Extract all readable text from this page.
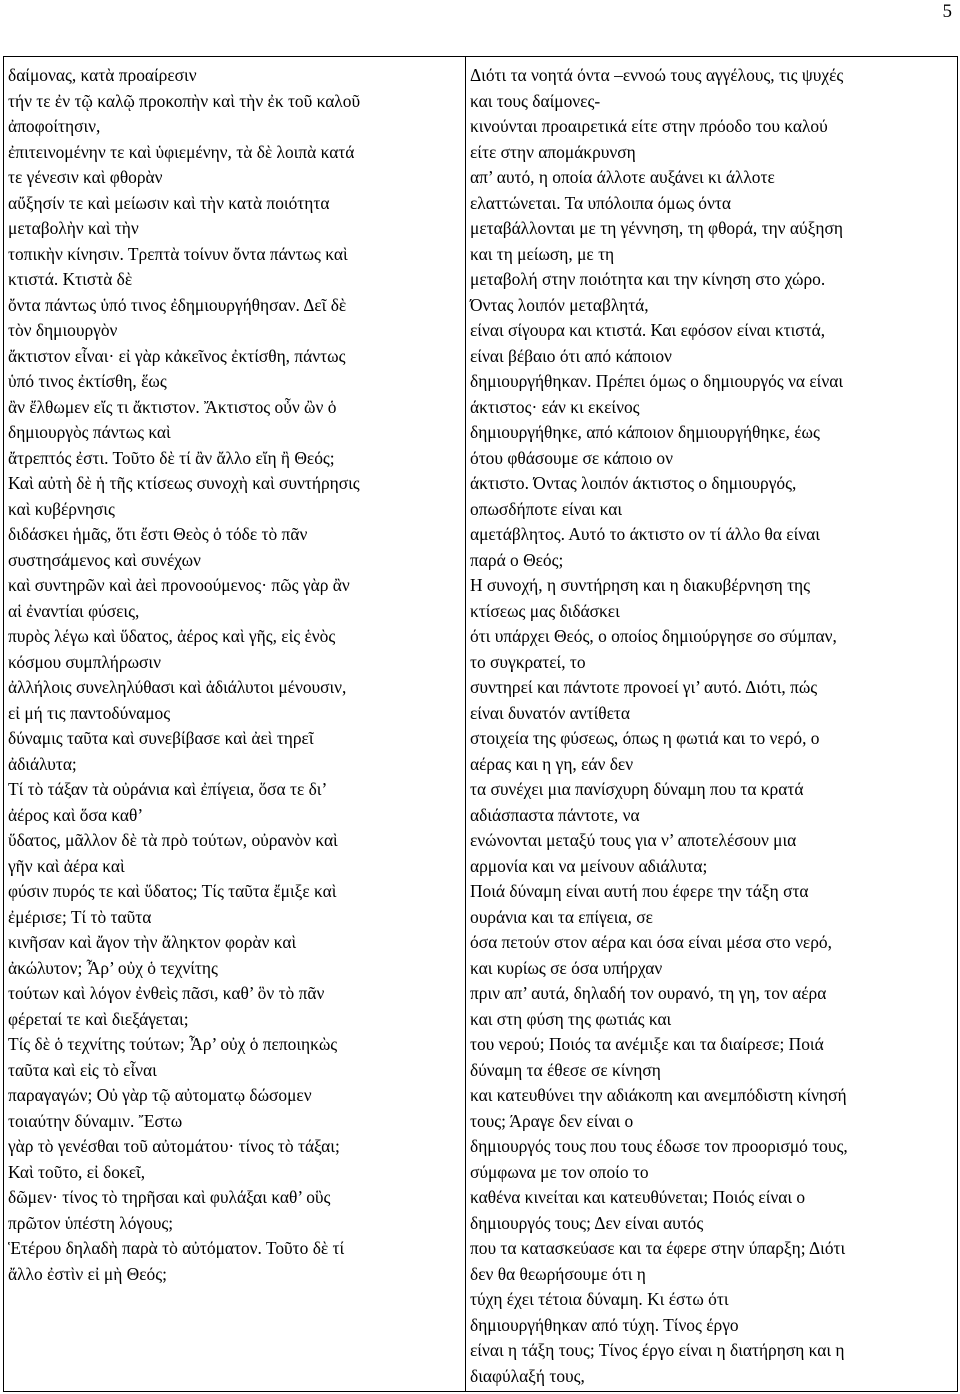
5
δαίμονας, κατὰ προαίρεσιν
τήν τε ἐν τῷ καλῷ προκοπὴν καὶ τὴν ἐκ τοῦ καλοῦ
ἀποφοίτησιν,
ἐπιτεινομένην τε καὶ ὑφιεμένην, τὰ δὲ λοιπὰ κατά
τε γένεσιν καὶ φθορὰν
αὔξησίν τε καὶ μείωσιν καὶ τὴν κατὰ ποιότητα
μεταβολὴν καὶ τὴν
τοπικὴν κίνησιν. Τρεπτὰ τοίνυν ὄντα πάντως καὶ
κτιστά. Κτιστὰ δὲ
ὄντα πάντως ὑπό τινος ἐδημιουργήθησαν. Δεῖ δὲ
τὸν δημιουργὸν
ἄκτιστον εἶναι· εἰ γὰρ κἀκεῖνος ἐκτίσθη, πάντως
ὑπό τινος ἐκτίσθη, ἕως
ἂν ἔλθωμεν εἴς τι ἄκτιστον. Ἄκτιστος οὖν ὢν ὁ
δημιουργὸς πάντως καὶ
ἄτρεπτός ἐστι. Τοῦτο δὲ τί ἂν ἄλλο εἴη ἢ Θεός;
Καὶ αὐτὴ δὲ ἡ τῆς κτίσεως συνοχὴ καὶ συντήρησις
καὶ κυβέρνησις
διδάσκει ἡμᾶς, ὅτι ἔστι Θεὸς ὁ τόδε τὸ πᾶν
συστησάμενος καὶ συνέχων
καὶ συντηρῶν καὶ ἀεὶ προνοούμενος· πῶς γὰρ ἂν
αἱ ἐναντίαι φύσεις,
πυρὸς λέγω καὶ ὕδατος, ἀέρος καὶ γῆς, εἰς ἑνὸς
κόσμου συμπλήρωσιν
ἀλλήλοις συνεληλύθασι καὶ ἀδιάλυτοι μένουσιν,
εἰ μή τις παντοδύναμος
δύναμις ταῦτα καὶ συνεβίβασε καὶ ἀεὶ τηρεῖ
ἀδιάλυτα;
Τί τὸ τάξαν τὰ οὐράνια καὶ ἐπίγεια, ὅσα τε δι’
ἀέρος καὶ ὅσα καθ’
ὕδατος, μᾶλλον δὲ τὰ πρὸ τούτων, οὐρανὸν καὶ
γῆν καὶ ἀέρα καὶ
φύσιν πυρός τε καὶ ὕδατος; Τίς ταῦτα ἔμιξε καὶ
ἐμέρισε; Τί τὸ ταῦτα
κινῆσαν καὶ ἄγον τὴν ἄληκτον φορὰν καὶ
ἀκώλυτον; Ἆρ’ οὐχ ὁ τεχνίτης
τούτων καὶ λόγον ἐνθεὶς πᾶσι, καθ’ ὃν τὸ πᾶν
φέρεταί τε καὶ διεξάγεται;
Τίς δὲ ὁ τεχνίτης τούτων; Ἆρ’ οὐχ ὁ πεποιηκὼς
ταῦτα καὶ εἰς τὸ εἶναι
παραγαγών; Οὐ γὰρ τῷ αὐτοματῳ δώσομεν
τοιαύτην δύναμιν. Ἔστω
γὰρ τὸ γενέσθαι τοῦ αὐτομάτου· τίνος τὸ τάξαι;
Καὶ τοῦτο, εἰ δοκεῖ,
δῶμεν· τίνος τὸ τηρῆσαι καὶ φυλάξαι καθ’ οὓς
πρῶτον ὑπέστη λόγους;
Ἑτέρου δηλαδὴ παρὰ τὸ αὐτόματον. Τοῦτο δὲ τί
ἄλλο ἐστὶν εἰ μὴ Θεός;
Διότι τα νοητά όντα –εννοώ τους αγγέλους, τις ψυχές
και τους δαίμονες-
κινούνται προαιρετικά είτε στην πρόοδο του καλού
είτε στην απομάκρυνση
απ’ αυτό, η οποία άλλοτε αυξάνει κι άλλοτε
ελαττώνεται. Τα υπόλοιπα όμως όντα
μεταβάλλονται με τη γέννηση, τη φθορά, την αύξηση
και τη μείωση, με τη
μεταβολή στην ποιότητα και την κίνηση στο χώρο.
Όντας λοιπόν μεταβλητά,
είναι σίγουρα και κτιστά. Και εφόσον είναι κτιστά,
είναι βέβαιο ότι από κάποιον
δημιουργήθηκαν. Πρέπει όμως ο δημιουργός να είναι
άκτιστος· εάν κι εκείνος
δημιουργήθηκε, από κάποιον δημιουργήθηκε, έως
ότου φθάσουμε σε κάποιο ον
άκτιστο. Όντας λοιπόν άκτιστος ο δημιουργός,
οπωσδήποτε είναι και
αμετάβλητος. Αυτό το άκτιστο ον τί άλλο θα είναι
παρά ο Θεός;
Η συνοχή, η συντήρηση και η διακυβέρνηση της
κτίσεως μας διδάσκει
ότι υπάρχει Θεός, ο οποίος δημιούργησε σο σύμπαν,
το συγκρατεί, το
συντηρεί και πάντοτε προνοεί γι’ αυτό. Διότι, πώς
είναι δυνατόν αντίθετα
στοιχεία της φύσεως, όπως η φωτιά και το νερό, ο
αέρας και η γη, εάν δεν
τα συνέχει μια πανίσχυρη δύναμη που τα κρατά
αδιάσπαστα πάντοτε, να
ενώνονται μεταξύ τους για ν’ αποτελέσουν μια
αρμονία και να μείνουν αδιάλυτα;
Ποιά δύναμη είναι αυτή που έφερε την τάξη στα
ουράνια και τα επίγεια, σε
όσα πετούν στον αέρα και όσα είναι μέσα στο νερό,
και κυρίως σε όσα υπήρχαν
πριν απ’ αυτά, δηλαδή τον ουρανό, τη γη, τον αέρα
και στη φύση της φωτιάς και
του νερού; Ποιός τα ανέμιξε και τα διαίρεσε; Ποιά
δύναμη τα έθεσε σε κίνηση
και κατευθύνει την αδιάκοπη και ανεμπόδιστη κίνησή
τους; Άραγε δεν είναι ο
δημιουργός τους που τους έδωσε τον προορισμό τους,
σύμφωνα με τον οποίο το
καθένα κινείται και κατευθύνεται; Ποιός είναι ο
δημιουργός τους; Δεν είναι αυτός
που τα κατασκεύασε και τα έφερε στην ύπαρξη; Διότι
δεν θα θεωρήσουμε ότι η
τύχη έχει τέτοια δύναμη. Κι έστω ότι
δημιουργήθηκαν από τύχη. Τίνος έργο
είναι η τάξη τους; Τίνος έργο είναι η διατήρηση και η
διαφύλαξή τους,
